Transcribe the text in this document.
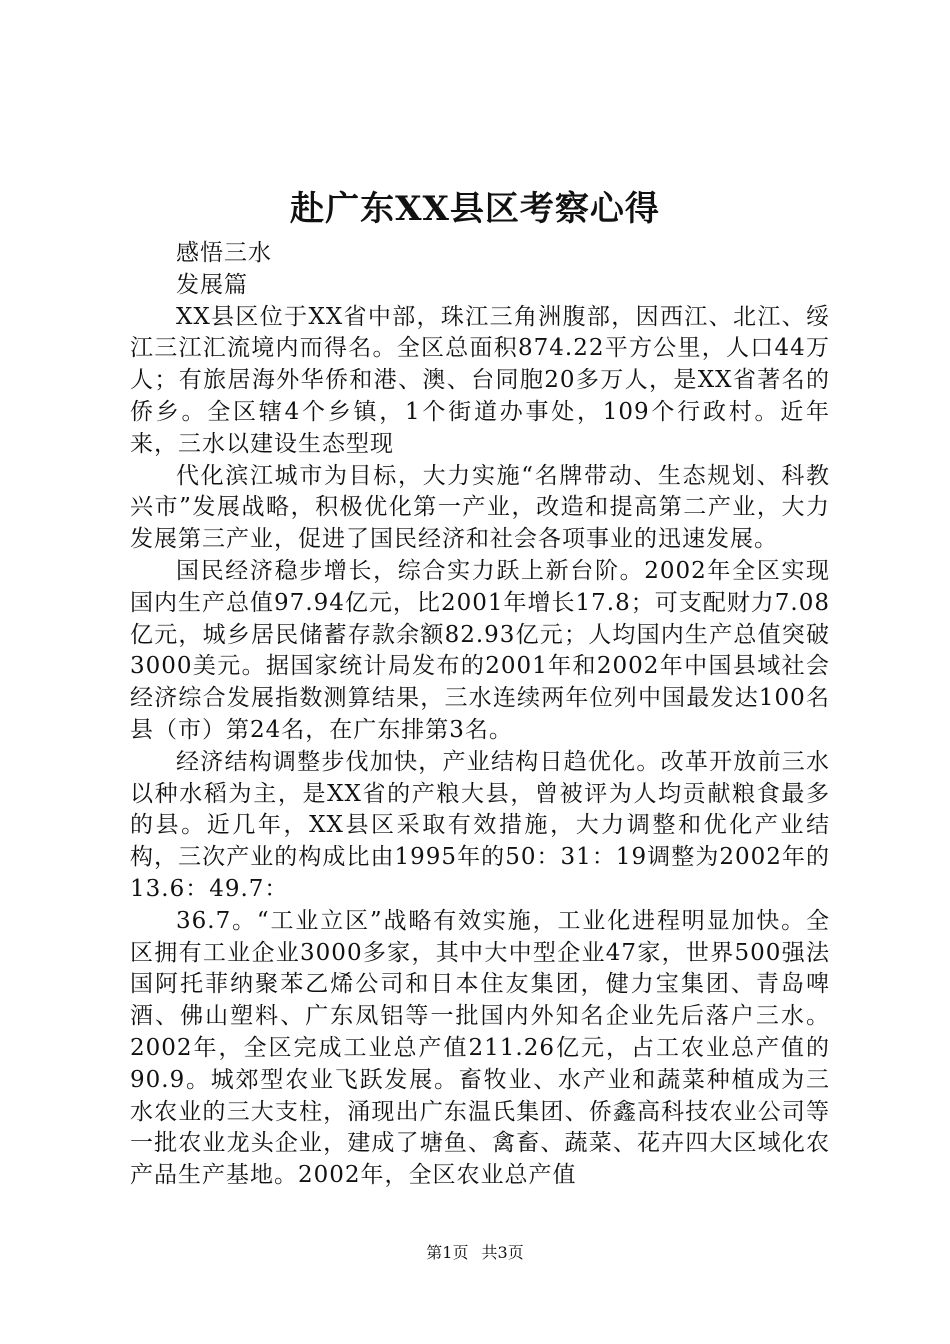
赴广东XX县区考察心得

感悟三水

发展篇

XX县区位于XX省中部，珠江三角洲腹部，因西江、北江、绥江三江汇流境内而得名。全区总面积874.22平方公里，人口44万人；有旅居海外华侨和港、澳、台同胞20多万人，是XX省著名的侨乡。全区辖4个乡镇，1个街道办事处，109个行政村。近年来，三水以建设生态型现

代化滨江城市为目标，大力实施“名牌带动、生态规划、科教兴市”发展战略，积极优化第一产业，改造和提高第二产业，大力发展第三产业，促进了国民经济和社会各项事业的迅速发展。

国民经济稳步增长，综合实力跃上新台阶。2002年全区实现国内生产总值97.94亿元，比2001年增长17.8；可支配财力7.08亿元，城乡居民储蓄存款余额82.93亿元；人均国内生产总值突破3000美元。据国家统计局发布的2001年和2002年中国县域社会经济综合发展指数测算结果，三水连续两年位列中国最发达100名县（市）第24名，在广东排第3名。

经济结构调整步伐加快，产业结构日趋优化。改革开放前三水以种水稻为主，是XX省的产粮大县，曾被评为人均贡献粮食最多的县。近几年，XX县区采取有效措施，大力调整和优化产业结构，三次产业的构成比由1995年的50：31：19调整为2002年的13.6：49.7：

36.7。“工业立区”战略有效实施，工业化进程明显加快。全区拥有工业企业3000多家，其中大中型企业47家，世界500强法国阿托菲纳聚苯乙烯公司和日本住友集团，健力宝集团、青岛啤酒、佛山塑料、广东凤铝等一批国内外知名企业先后落户三水。2002年，全区完成工业总产值211.26亿元，占工农业总产值的90.9。城郊型农业飞跃发展。畜牧业、水产业和蔬菜种植成为三水农业的三大支柱，涌现出广东温氏集团、侨鑫高科技农业公司等一批农业龙头企业，建成了塘鱼、禽畜、蔬菜、花卉四大区域化农产品生产基地。2002年，全区农业总产值

第1页 共3页
